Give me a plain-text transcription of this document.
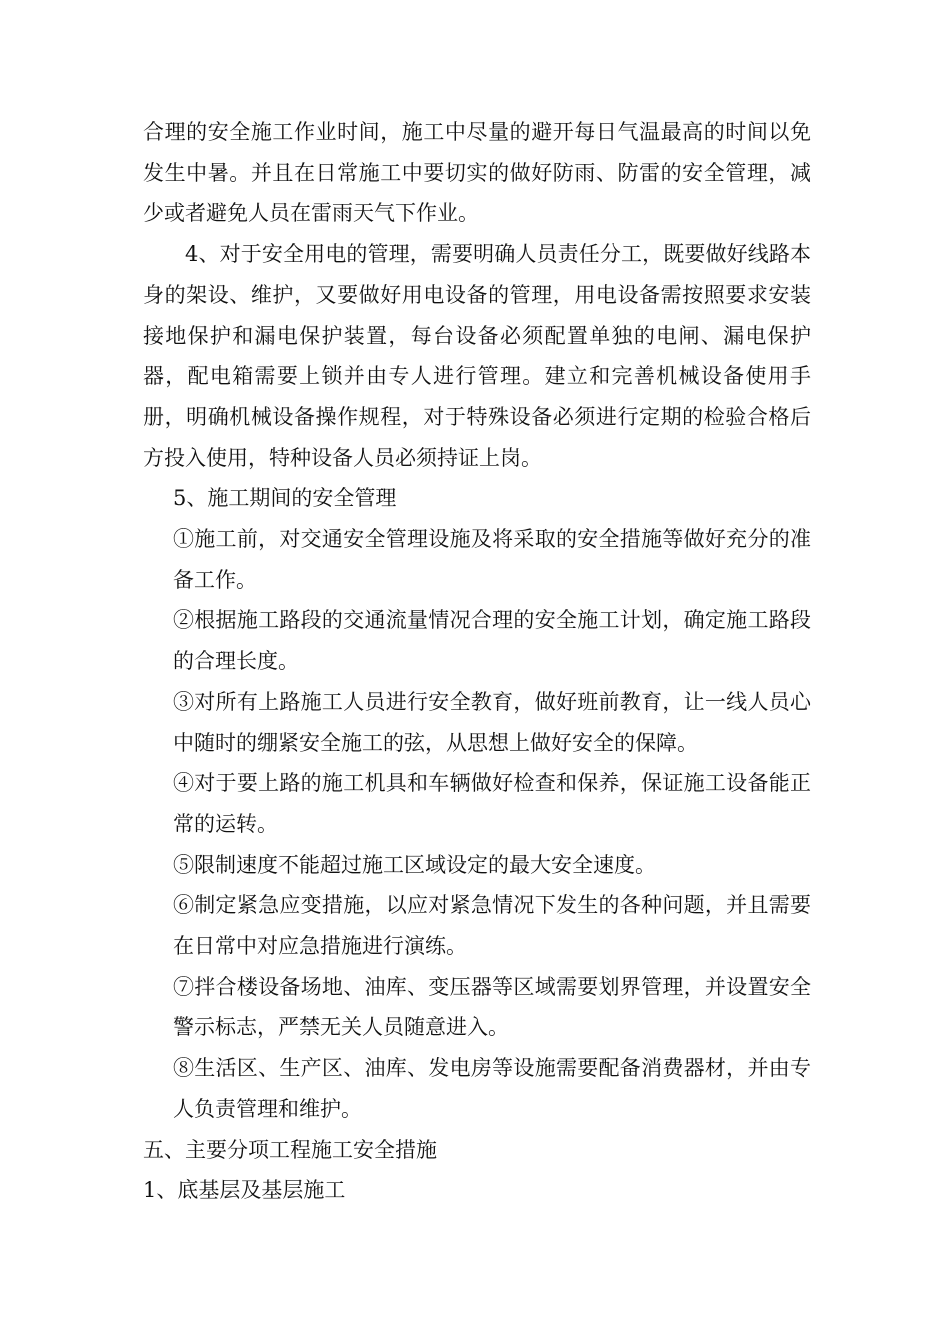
合理的安全施工作业时间，施工中尽量的避开每日气温最高的时间以免发生中暑。并且在日常施工中要切实的做好防雨、防雷的安全管理，减少或者避免人员在雷雨天气下作业。

4、对于安全用电的管理，需要明确人员责任分工，既要做好线路本身的架设、维护，又要做好用电设备的管理，用电设备需按照要求安装接地保护和漏电保护装置，每台设备必须配置单独的电闸、漏电保护器，配电箱需要上锁并由专人进行管理。建立和完善机械设备使用手册，明确机械设备操作规程，对于特殊设备必须进行定期的检验合格后方投入使用，特种设备人员必须持证上岗。

5、施工期间的安全管理

①施工前，对交通安全管理设施及将采取的安全措施等做好充分的准备工作。

②根据施工路段的交通流量情况合理的安全施工计划，确定施工路段的合理长度。

③对所有上路施工人员进行安全教育，做好班前教育，让一线人员心中随时的绷紧安全施工的弦，从思想上做好安全的保障。

④对于要上路的施工机具和车辆做好检查和保养，保证施工设备能正常的运转。

⑤限制速度不能超过施工区域设定的最大安全速度。

⑥制定紧急应变措施，以应对紧急情况下发生的各种问题，并且需要在日常中对应急措施进行演练。

⑦拌合楼设备场地、油库、变压器等区域需要划界管理，并设置安全警示标志，严禁无关人员随意进入。

⑧生活区、生产区、油库、发电房等设施需要配备消费器材，并由专人负责管理和维护。

五、主要分项工程施工安全措施

1、底基层及基层施工
